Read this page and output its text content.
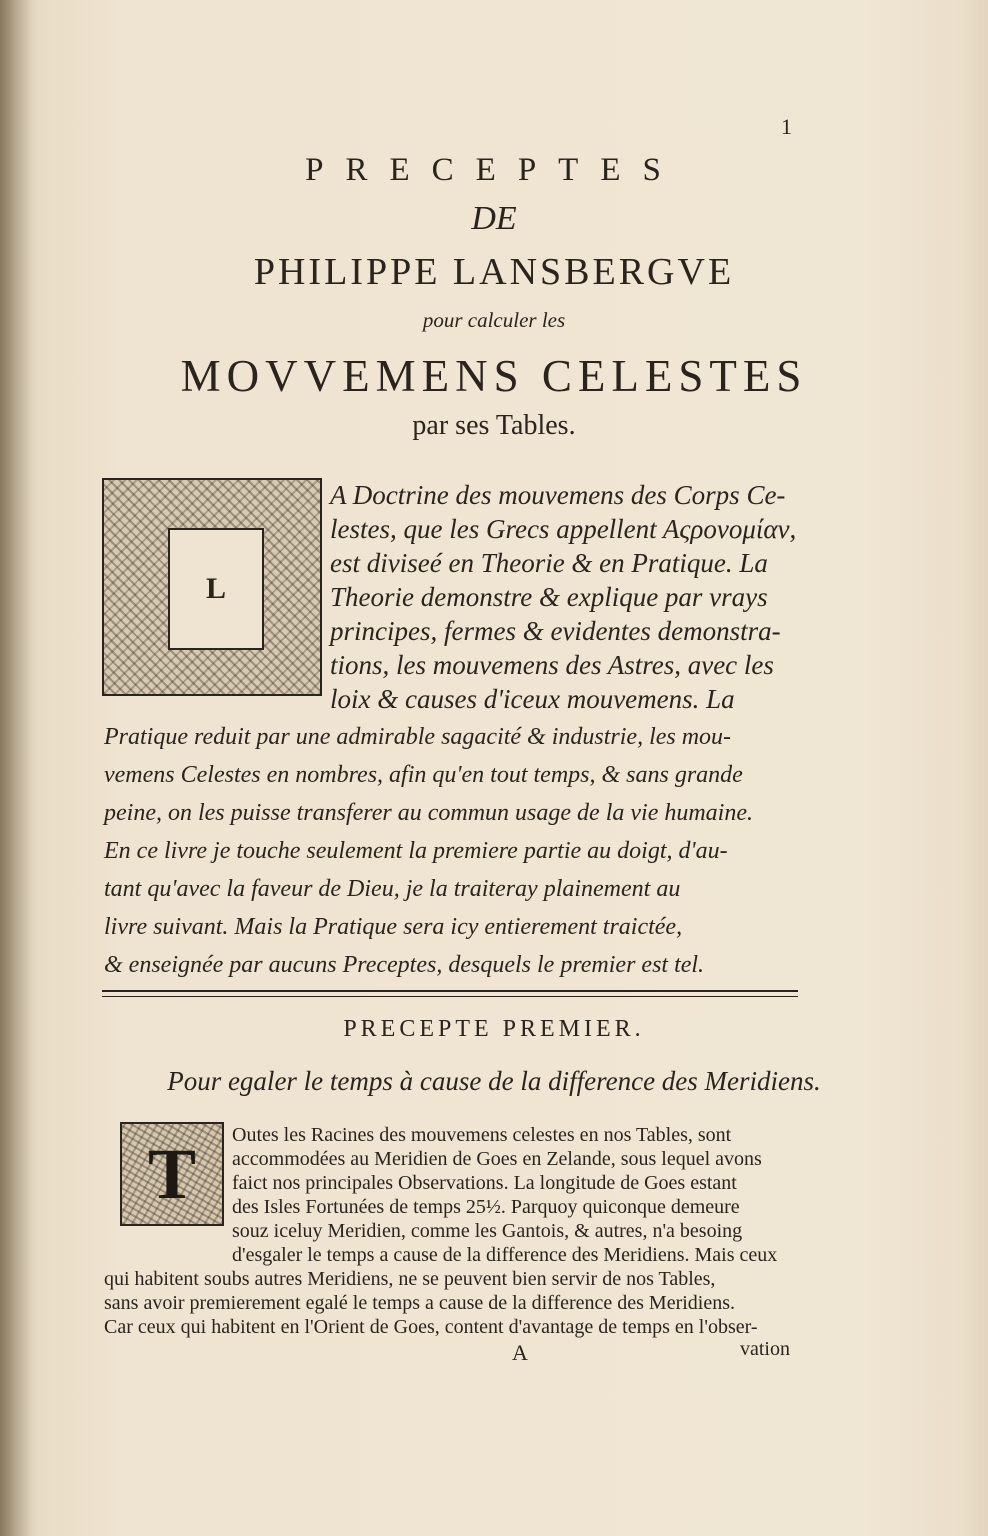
1
PRECEPTES
DE
PHILIPPE LANSBERGVE
pour calculer les
MOVVEMENS CELESTES
par ses Tables.
L
A Doctrine des mouvemens des Corps Ce-
lestes, que les Grecs appellent Aςρονομίαν,
est diviseé en Theorie & en Pratique. La
Theorie demonstre & explique par vrays
principes, fermes & evidentes demonstra-
tions, les mouvemens des Astres, avec les
loix & causes d'iceux mouvemens. La
Pratique reduit par une admirable sagacité & industrie, les mou-
vemens Celestes en nombres, afin qu'en tout temps, & sans grande
peine, on les puisse transferer au commun usage de la vie humaine.
En ce livre je touche seulement la premiere partie au doigt, d'au-
tant qu'avec la faveur de Dieu, je la traiteray plainement au
livre suivant. Mais la Pratique sera icy entierement traictée,
& enseignée par aucuns Preceptes, desquels le premier est tel.
PRECEPTE PREMIER.
Pour egaler le temps à cause de la difference des Meridiens.
T Outes les Racines des mouvemens celestes en nos Tables, sont
accommodées au Meridien de Goes en Zelande, sous lequel avons
faict nos principales Observations. La longitude de Goes estant
des Isles Fortunées de temps 25½. Parquoy quiconque demeure
souz iceluy Meridien, comme les Gantois, & autres, n'a besoing
d'esgaler le temps a cause de la difference des Meridiens. Mais ceux
qui habitent soubs autres Meridiens, ne se peuvent bien servir de nos Tables,
sans avoir premierement egalé le temps a cause de la difference des Meridiens.
Car ceux qui habitent en l'Orient de Goes, content d'avantage de temps en l'obser-
A	vation
